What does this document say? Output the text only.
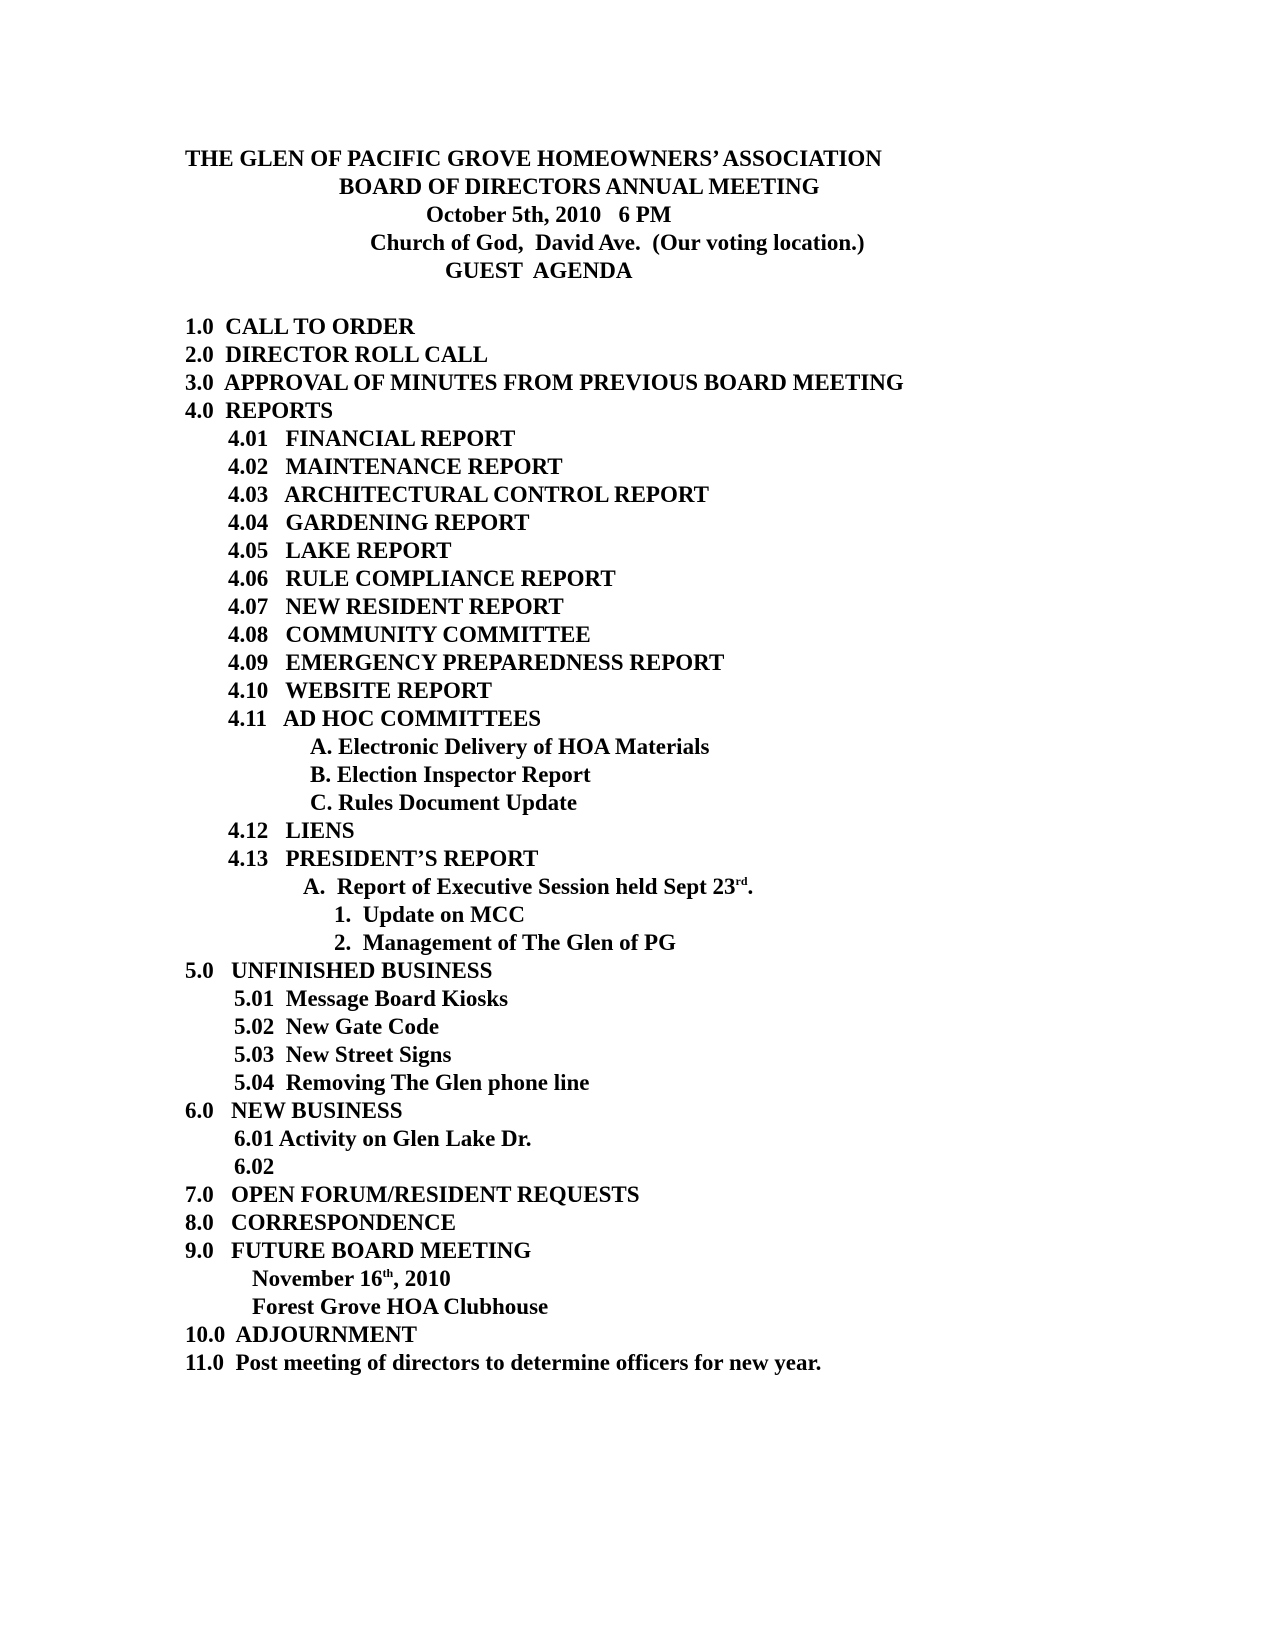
THE GLEN OF PACIFIC GROVE HOMEOWNERS’ ASSOCIATION
BOARD OF DIRECTORS ANNUAL MEETING
October 5th, 2010   6 PM
Church of God,  David Ave.  (Our voting location.)
GUEST  AGENDA
1.0  CALL TO ORDER
2.0  DIRECTOR ROLL CALL
3.0  APPROVAL OF MINUTES FROM PREVIOUS BOARD MEETING
4.0  REPORTS
4.01   FINANCIAL REPORT
4.02   MAINTENANCE REPORT
4.03   ARCHITECTURAL CONTROL REPORT
4.04   GARDENING REPORT
4.05   LAKE REPORT
4.06   RULE COMPLIANCE REPORT
4.07   NEW RESIDENT REPORT
4.08   COMMUNITY COMMITTEE
4.09   EMERGENCY PREPAREDNESS REPORT
4.10   WEBSITE REPORT
4.11   AD HOC COMMITTEES
A. Electronic Delivery of HOA Materials
B. Election Inspector Report
C. Rules Document Update
4.12   LIENS
4.13   PRESIDENT’S REPORT
A.  Report of Executive Session held Sept 23rd.
1.  Update on MCC
2.  Management of The Glen of PG
5.0   UNFINISHED BUSINESS
5.01  Message Board Kiosks
5.02  New Gate Code
5.03  New Street Signs
5.04  Removing The Glen phone line
6.0   NEW BUSINESS
6.01 Activity on Glen Lake Dr.
6.02
7.0   OPEN FORUM/RESIDENT REQUESTS
8.0   CORRESPONDENCE
9.0   FUTURE BOARD MEETING
November 16th, 2010
Forest Grove HOA Clubhouse
10.0  ADJOURNMENT
11.0  Post meeting of directors to determine officers for new year.
